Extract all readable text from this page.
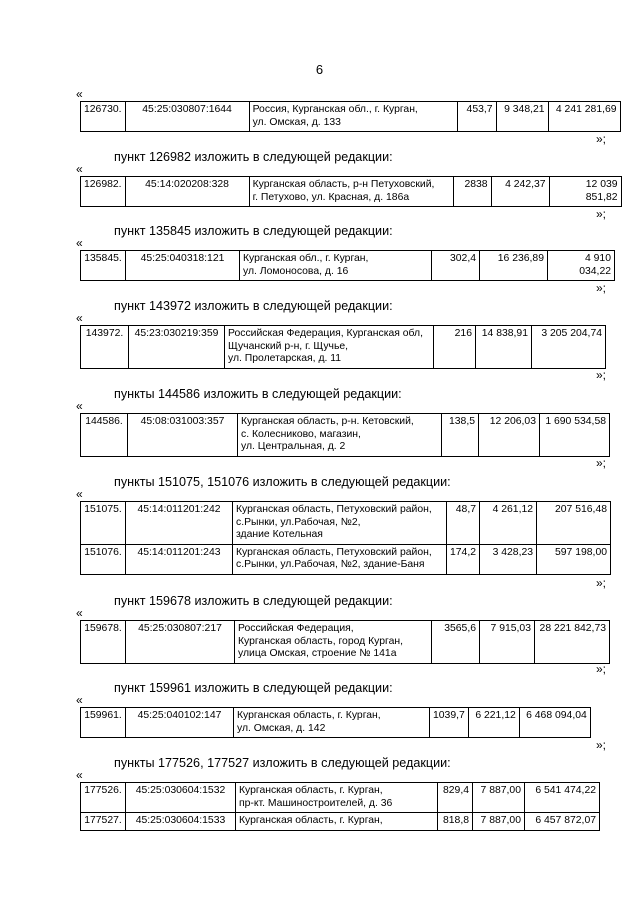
6
«
126730.	45:25:030807:1644	Россия, Курганская обл., г. Курган,
ул. Омская, д. 133	453,7	9 348,21	4 241 281,69
»;
пункт 126982 изложить в следующей редакции:
«
126982.	45:14:020208:328	Курганская область, р-н Петуховский,
г. Петухово, ул. Красная, д. 186а	2838	4 242,37	12 039 851,82
»;
пункт 135845 изложить в следующей редакции:
«
135845.	45:25:040318:121	Курганская обл., г. Курган,
ул. Ломоносова, д. 16	302,4	16 236,89	4 910 034,22
»;
пункт 143972 изложить в следующей редакции:
«
143972.	45:23:030219:359	Российская Федерация, Курганская обл,
Щучанский р-н, г. Щучье,
ул. Пролетарская, д. 11	216	14 838,91	3 205 204,74
»;
пункты 144586 изложить в следующей редакции:
«
144586.	45:08:031003:357	Курганская область, р-н. Кетовский,
с. Колесниково, магазин,
ул. Центральная, д. 2	138,5	12 206,03	1 690 534,58
»;
пункты 151075, 151076 изложить в следующей редакции:
«
151075.	45:14:011201:242	Курганская область, Петуховский район,
с.Рынки, ул.Рабочая, №2,
здание Котельная	48,7	4 261,12	207 516,48
151076.	45:14:011201:243	Курганская область, Петуховский район,
с.Рынки, ул.Рабочая, №2, здание-Баня	174,2	3 428,23	597 198,00
»;
пункт 159678 изложить в следующей редакции:
«
159678.	45:25:030807:217	Российская Федерация,
Курганская область, город Курган,
улица Омская, строение № 141а	3565,6	7 915,03	28 221 842,73
»;
пункт 159961 изложить в следующей редакции:
«
159961.	45:25:040102:147	Курганская область, г. Курган,
ул. Омская, д. 142	1039,7	6 221,12	6 468 094,04
»;
пункты 177526, 177527 изложить в следующей редакции:
«
177526.	45:25:030604:1532	Курганская область, г. Курган,
пр-кт. Машиностроителей, д. 36	829,4	7 887,00	6 541 474,22
177527.	45:25:030604:1533	Курганская область, г. Курган,	818,8	7 887,00	6 457 872,07
